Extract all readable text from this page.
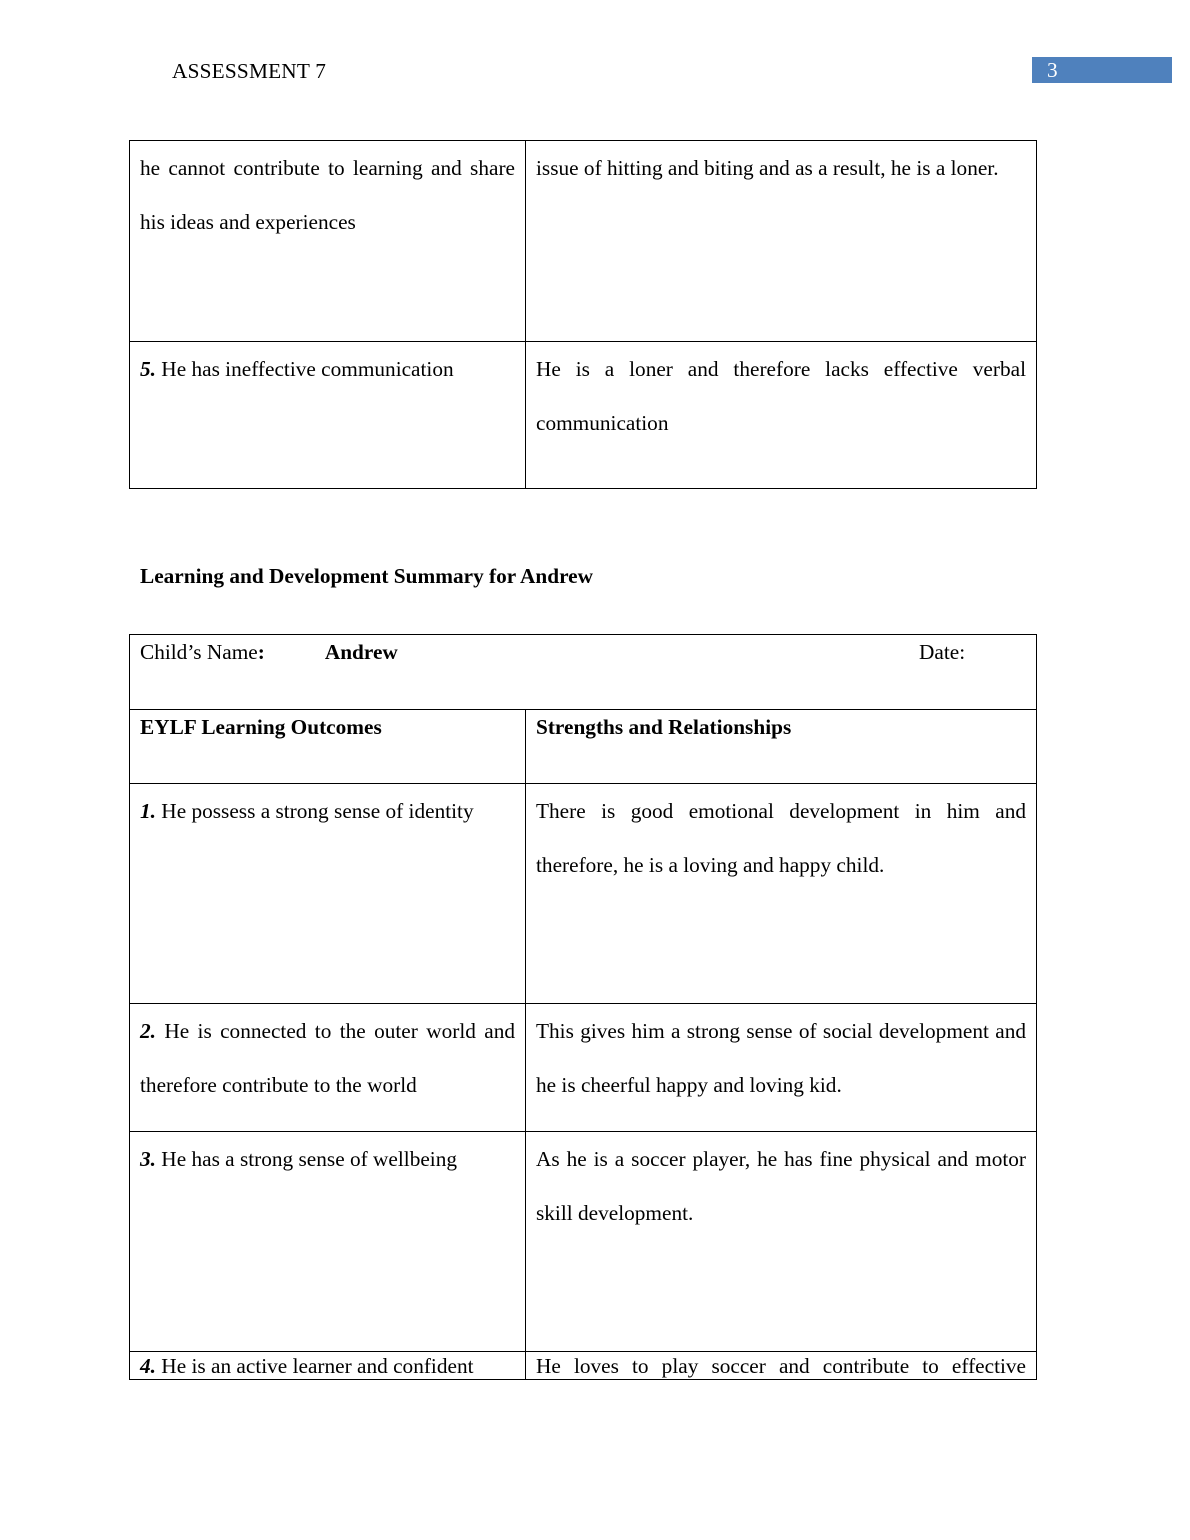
ASSESSMENT 7	3
he cannot contribute to learning and share his ideas and experiences	issue of hitting and biting and as a result, he is a loner.
5. He has ineffective communication	He is a loner and therefore lacks effective verbal communication
Learning and Development Summary for Andrew
Child’s Name: Andrew Date:	

EYLF Learning Outcomes	Strengths and Relationships
1. He possess a strong sense of identity	There is good emotional development in him and therefore, he is a loving and happy child.
2. He is connected to the outer world and therefore contribute to the world	This gives him a strong sense of social development and he is cheerful happy and loving kid.
3. He has a strong sense of wellbeing	As he is a soccer player, he has fine physical and motor skill development.
4. He is an active learner and confident	He loves to play soccer and contribute to effective
